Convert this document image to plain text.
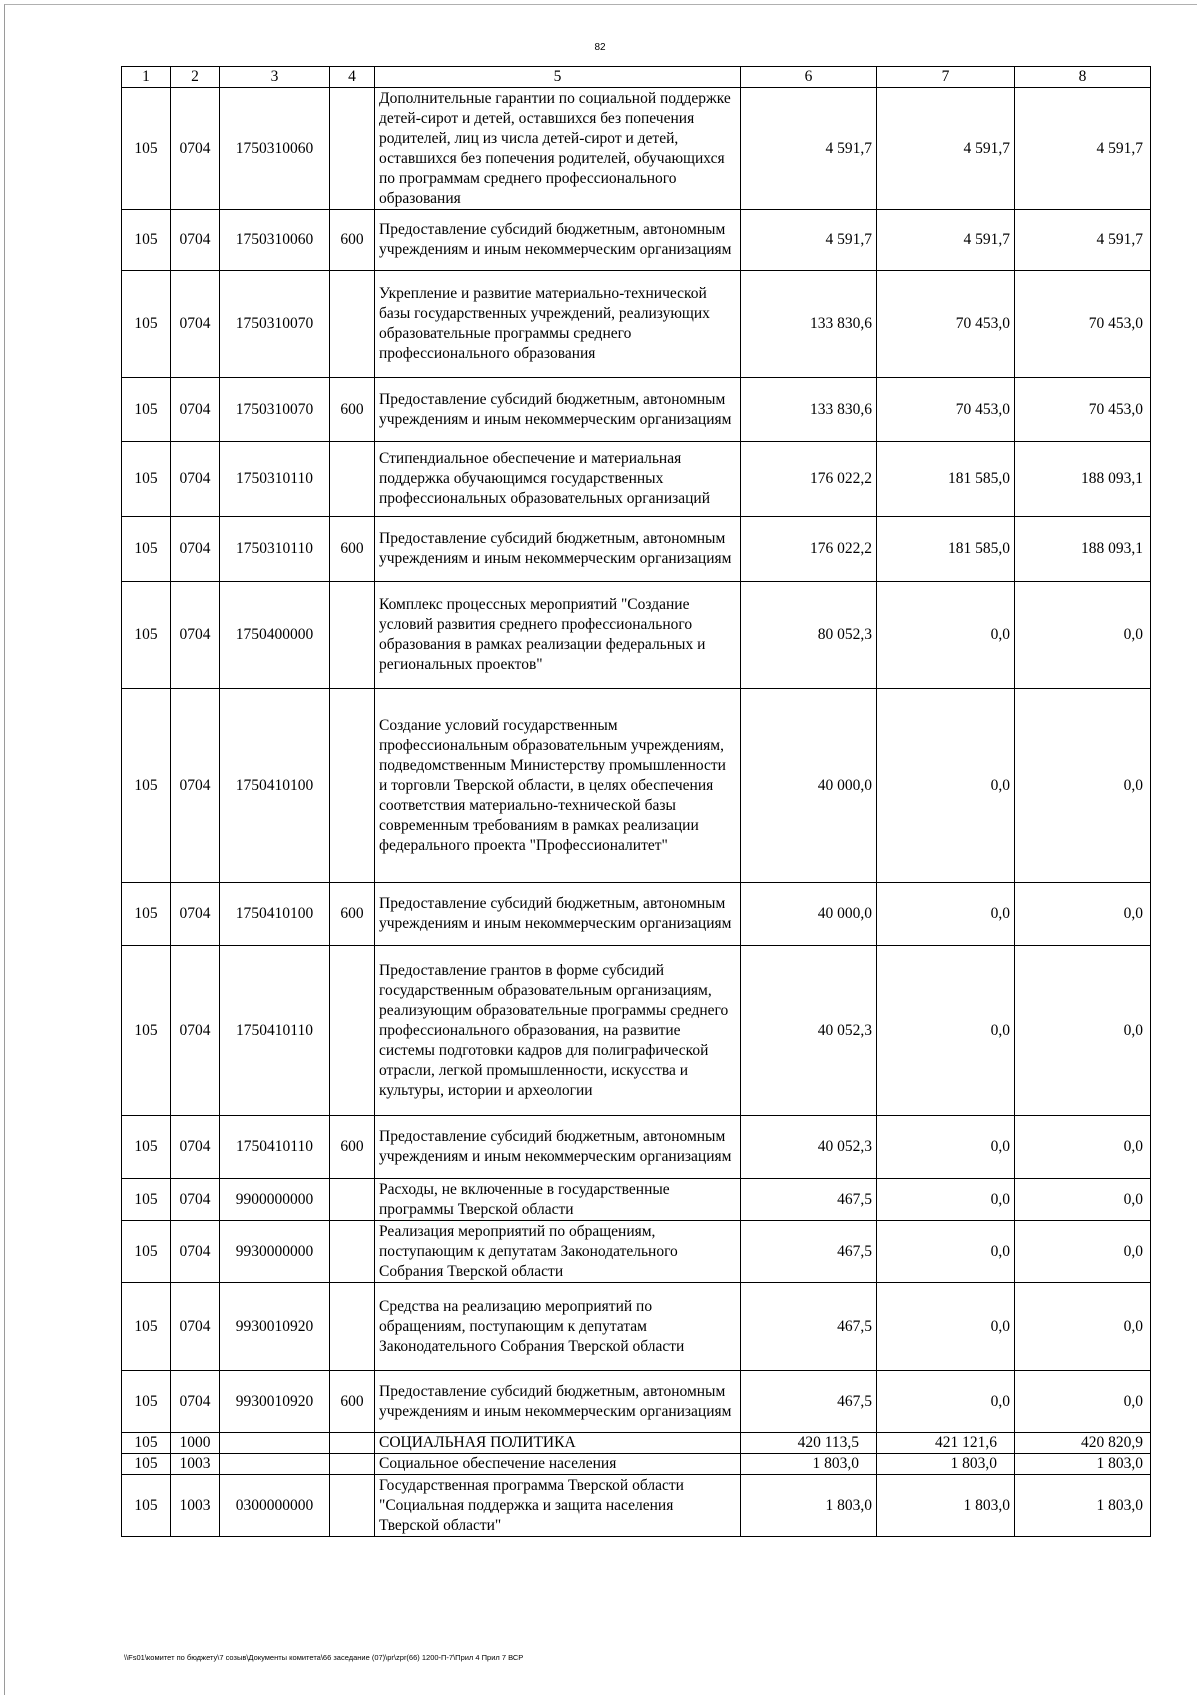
82
1	2	3	4	5	6	7	8
105	0704	1750310060		Дополнительные гарантии по социальной поддержке детей-сирот и детей, оставшихся без попечения родителей, лиц из числа детей-сирот и детей, оставшихся без попечения родителей, обучающихся по программам среднего профессионального образования	4 591,7	4 591,7	4 591,7
105	0704	1750310060	600	Предоставление субсидий бюджетным, автономным учреждениям и иным некоммерческим организациям	4 591,7	4 591,7	4 591,7
105	0704	1750310070		Укрепление и развитие материально-технической базы государственных учреждений, реализующих образовательные программы среднего профессионального образования	133 830,6	70 453,0	70 453,0
105	0704	1750310070	600	Предоставление субсидий бюджетным, автономным учреждениям и иным некоммерческим организациям	133 830,6	70 453,0	70 453,0
105	0704	1750310110		Стипендиальное обеспечение и материальная поддержка обучающимся государственных профессиональных образовательных организаций	176 022,2	181 585,0	188 093,1
105	0704	1750310110	600	Предоставление субсидий бюджетным, автономным учреждениям и иным некоммерческим организациям	176 022,2	181 585,0	188 093,1
105	0704	1750400000		Комплекс процессных мероприятий "Создание условий развития среднего профессионального образования в рамках реализации федеральных и региональных проектов"	80 052,3	0,0	0,0
105	0704	1750410100		Создание условий государственным профессиональным образовательным учреждениям, подведомственным Министерству промышленности и торговли Тверской области, в целях обеспечения соответствия материально-технической базы современным требованиям в рамках реализации федерального проекта "Профессионалитет"	40 000,0	0,0	0,0
105	0704	1750410100	600	Предоставление субсидий бюджетным, автономным учреждениям и иным некоммерческим организациям	40 000,0	0,0	0,0
105	0704	1750410110		Предоставление грантов в форме субсидий государственным образовательным организациям, реализующим образовательные программы среднего профессионального образования, на развитие системы подготовки кадров для полиграфической отрасли, легкой промышленности, искусства и культуры, истории и археологии	40 052,3	0,0	0,0
105	0704	1750410110	600	Предоставление субсидий бюджетным, автономным учреждениям и иным некоммерческим организациям	40 052,3	0,0	0,0
105	0704	9900000000		Расходы, не включенные в государственные программы Тверской области	467,5	0,0	0,0
105	0704	9930000000		Реализация мероприятий по обращениям, поступающим к депутатам Законодательного Собрания Тверской области	467,5	0,0	0,0
105	0704	9930010920		Средства на реализацию мероприятий по обращениям, поступающим к депутатам Законодательного Собрания Тверской области	467,5	0,0	0,0
105	0704	9930010920	600	Предоставление субсидий бюджетным, автономным учреждениям и иным некоммерческим организациям	467,5	0,0	0,0
105	1000			СОЦИАЛЬНАЯ ПОЛИТИКА	420 113,5	421 121,6	420 820,9
105	1003			Социальное обеспечение населения	1 803,0	1 803,0	1 803,0
105	1003	0300000000		Государственная программа Тверской области "Социальная поддержка и защита населения Тверской области"	1 803,0	1 803,0	1 803,0
\\Fs01\комитет по бюджету\7 созыв\Документы комитета\66 заседание (07)\pr\zpr(66) 1200-П-7\Прил 4 Прил 7 ВСР
